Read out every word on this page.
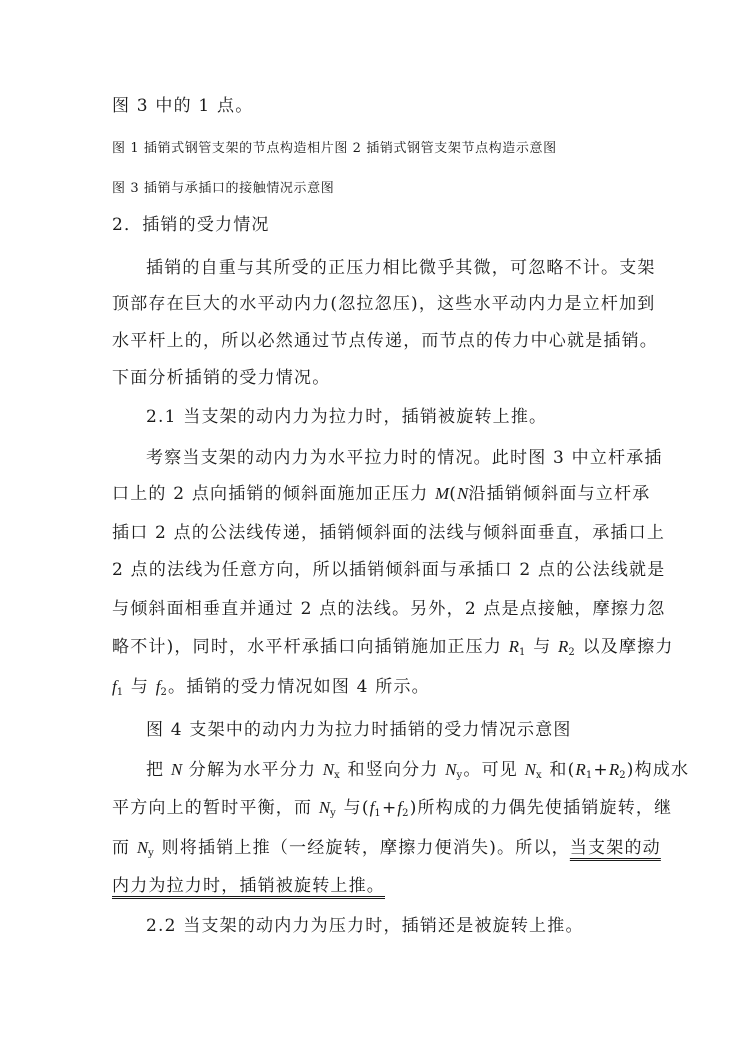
图 3 中的 1 点。
图 1 插销式钢管支架的节点构造相片图 2 插销式钢管支架节点构造示意图
图 3 插销与承插口的接触情况示意图
2．插销的受力情况
插销的自重与其所受的正压力相比微乎其微，可忽略不计。支架
顶部存在巨大的水平动内力(忽拉忽压)，这些水平动内力是立杆加到
水平杆上的，所以必然通过节点传递，而节点的传力中心就是插销。
下面分析插销的受力情况。
2.1 当支架的动内力为拉力时，插销被旋转上推。
考察当支架的动内力为水平拉力时的情况。此时图 3 中立杆承插
口上的 2 点向插销的倾斜面施加正压力 M(N沿插销倾斜面与立杆承
插口 2 点的公法线传递，插销倾斜面的法线与倾斜面垂直，承插口上
2 点的法线为任意方向，所以插销倾斜面与承插口 2 点的公法线就是
与倾斜面相垂直并通过 2 点的法线。另外，2 点是点接触，摩擦力忽
略不计)，同时，水平杆承插口向插销施加正压力 $R_1$ 与 $R_2$ 以及摩擦力
$f_1$ 与 $f_2$。插销的受力情况如图 4 所示。
图 4 支架中的动内力为拉力时插销的受力情况示意图
把 N 分解为水平分力 $N_x$ 和竖向分力 $N_y$。可见 $N_x$ 和$(R_1+R_2)$构成水
平方向上的暂时平衡，而 $N_y$ 与$(f_1+f_2)$所构成的力偶先使插销旋转，继
而 $N_y$ 则将插销上推（一经旋转，摩擦力便消失)。所以，当支架的动
内力为拉力时，插销被旋转上推。
2.2 当支架的动内力为压力时，插销还是被旋转上推。
